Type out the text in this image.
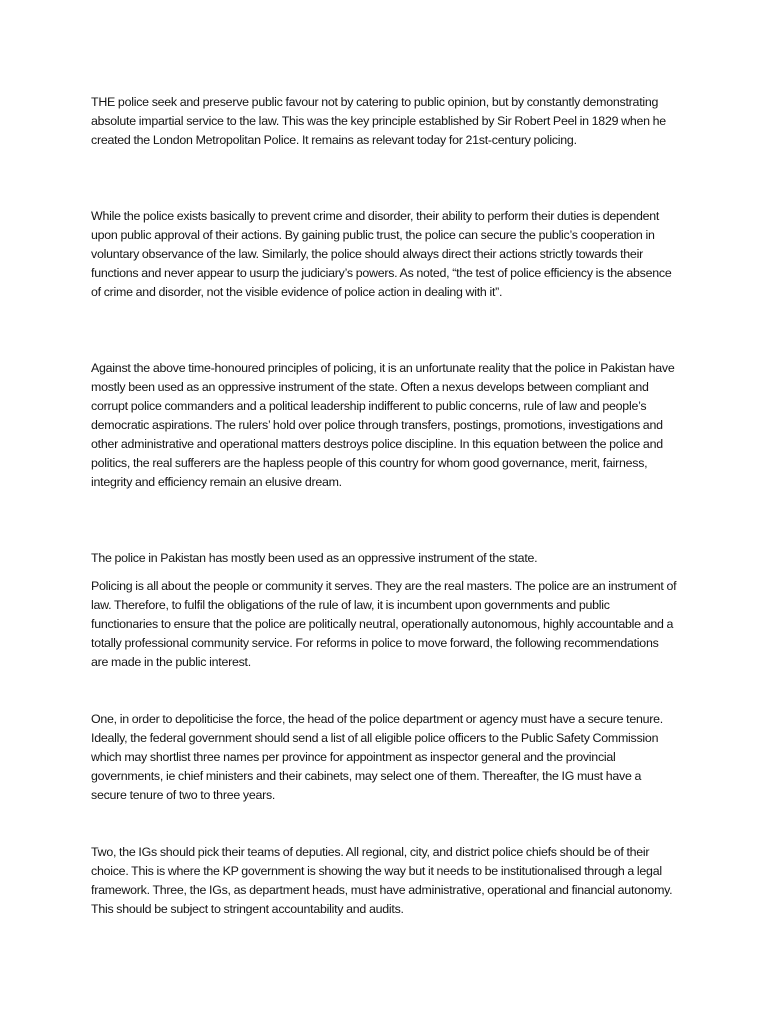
THE police seek and preserve public favour not by catering to public opinion, but by constantly demonstrating absolute impartial service to the law. This was the key principle established by Sir Robert Peel in 1829 when he created the London Metropolitan Police. It remains as relevant today for 21st-century policing.

While the police exists basically to prevent crime and disorder, their ability to perform their duties is dependent upon public approval of their actions. By gaining public trust, the police can secure the public’s cooperation in voluntary observance of the law. Similarly, the police should always direct their actions strictly towards their functions and never appear to usurp the judiciary’s powers. As noted, “the test of police efficiency is the absence of crime and disorder, not the visible evidence of police action in dealing with it”.

Against the above time-honoured principles of policing, it is an unfortunate reality that the police in Pakistan have mostly been used as an oppressive instrument of the state. Often a nexus develops between compliant and corrupt police commanders and a political leadership indifferent to public concerns, rule of law and people’s democratic aspirations. The rulers’ hold over police through transfers, postings, promotions, investigations and other administrative and operational matters destroys police discipline. In this equation between the police and politics, the real sufferers are the hapless people of this country for whom good governance, merit, fairness, integrity and efficiency remain an elusive dream.

The police in Pakistan has mostly been used as an oppressive instrument of the state.

Policing is all about the people or community it serves. They are the real masters. The police are an instrument of law. Therefore, to fulfil the obligations of the rule of law, it is incumbent upon governments and public functionaries to ensure that the police are politically neutral, operationally autonomous, highly accountable and a totally professional community service. For reforms in police to move forward, the following recommendations are made in the public interest.

One, in order to depoliticise the force, the head of the police department or agency must have a secure tenure. Ideally, the federal government should send a list of all eligible police officers to the Public Safety Commission which may shortlist three names per province for appointment as inspector general and the provincial governments, ie chief ministers and their cabinets, may select one of them. Thereafter, the IG must have a secure tenure of two to three years.

Two, the IGs should pick their teams of deputies. All regional, city, and district police chiefs should be of their choice. This is where the KP government is showing the way but it needs to be institutionalised through a legal framework. Three, the IGs, as department heads, must have administrative, operational and financial autonomy. This should be subject to stringent accountability and audits.
